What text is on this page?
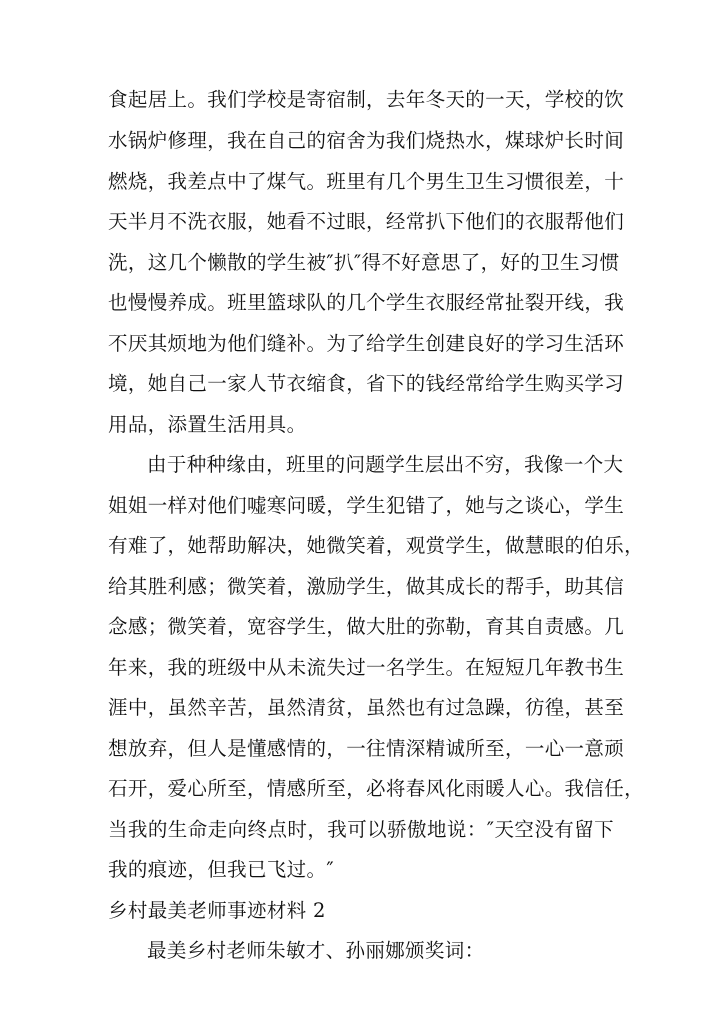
食起居上。我们学校是寄宿制，去年冬天的一天，学校的饮
水锅炉修理，我在自己的宿舍为我们烧热水，煤球炉长时间
燃烧，我差点中了煤气。班里有几个男生卫生习惯很差，十
天半月不洗衣服，她看不过眼，经常扒下他们的衣服帮他们
洗，这几个懒散的学生被″扒″得不好意思了，好的卫生习惯
也慢慢养成。班里篮球队的几个学生衣服经常扯裂开线，我
不厌其烦地为他们缝补。为了给学生创建良好的学习生活环
境，她自己一家人节衣缩食，省下的钱经常给学生购买学习
用品，添置生活用具。
由于种种缘由，班里的问题学生层出不穷，我像一个大
姐姐一样对他们嘘寒问暖，学生犯错了，她与之谈心，学生
有难了，她帮助解决，她微笑着，观赏学生，做慧眼的伯乐，
给其胜利感；微笑着，激励学生，做其成长的帮手，助其信
念感；微笑着，宽容学生，做大肚的弥勒，育其自责感。几
年来，我的班级中从未流失过一名学生。在短短几年教书生
涯中，虽然辛苦，虽然清贫，虽然也有过急躁，彷徨，甚至
想放弃，但人是懂感情的，一往情深精诚所至，一心一意顽
石开，爱心所至，情感所至，必将春风化雨暖人心。我信任，
当我的生命走向终点时，我可以骄傲地说：″天空没有留下
我的痕迹，但我已飞过。″
乡村最美老师事迹材料 2
最美乡村老师朱敏才、孙丽娜颁奖词：
